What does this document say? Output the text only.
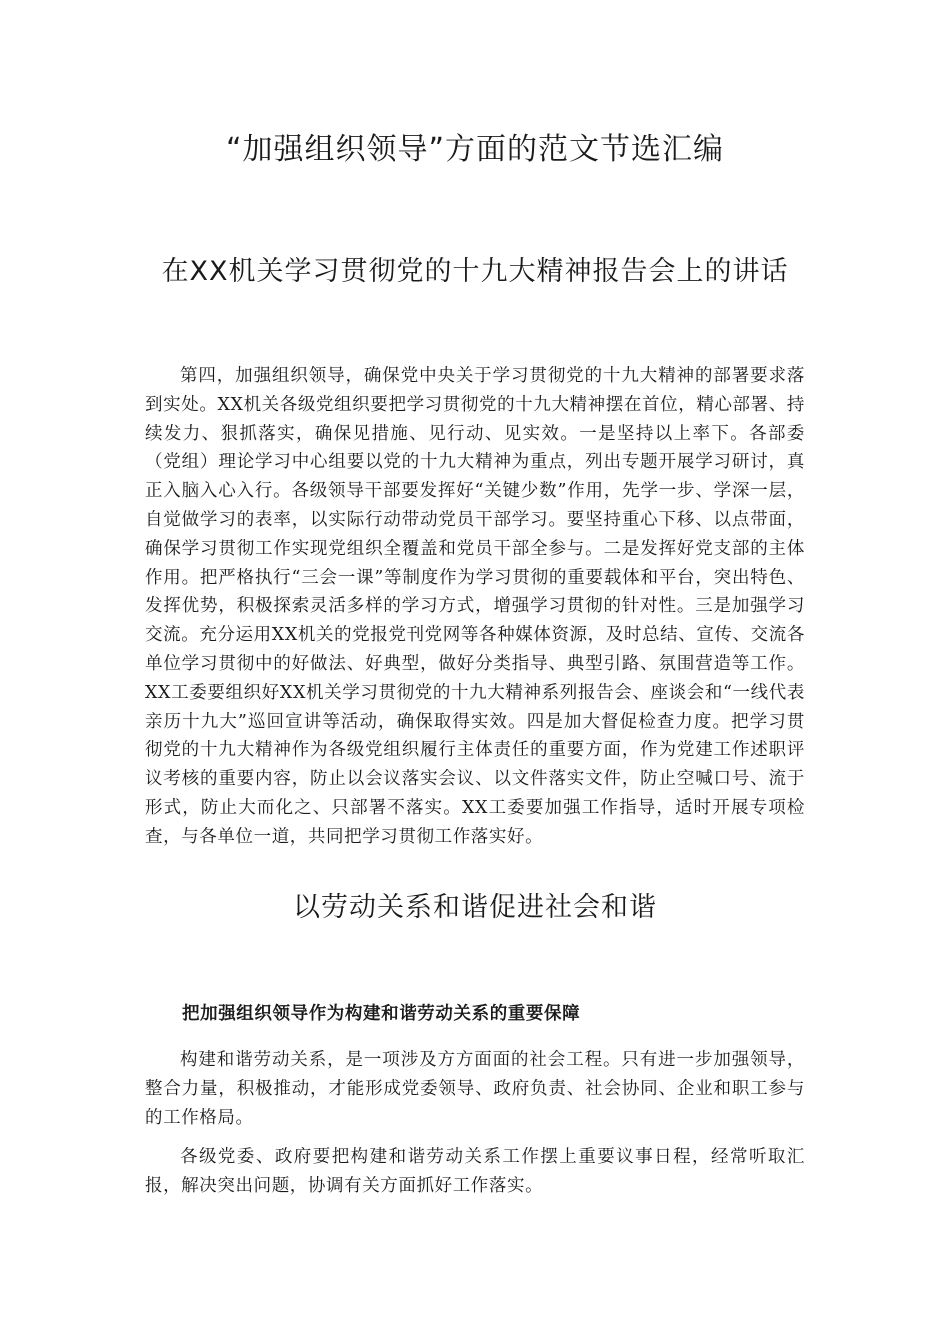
“加强组织领导”方面的范文节选汇编
在XX机关学习贯彻党的十九大精神报告会上的讲话

第四，加强组织领导，确保党中央关于学习贯彻党的十九大精神的部署要求落到实处。XX机关各级党组织要把学习贯彻党的十九大精神摆在首位，精心部署、持续发力、狠抓落实，确保见措施、见行动、见实效。一是坚持以上率下。各部委（党组）理论学习中心组要以党的十九大精神为重点，列出专题开展学习研讨，真正入脑入心入行。各级领导干部要发挥好“关键少数”作用，先学一步、学深一层，自觉做学习的表率，以实际行动带动党员干部学习。要坚持重心下移、以点带面，确保学习贯彻工作实现党组织全覆盖和党员干部全参与。二是发挥好党支部的主体作用。把严格执行“三会一课”等制度作为学习贯彻的重要载体和平台，突出特色、发挥优势，积极探索灵活多样的学习方式，增强学习贯彻的针对性。三是加强学习交流。充分运用XX机关的党报党刊党网等各种媒体资源，及时总结、宣传、交流各单位学习贯彻中的好做法、好典型，做好分类指导、典型引路、氛围营造等工作。XX工委要组织好XX机关学习贯彻党的十九大精神系列报告会、座谈会和“一线代表亲历十九大”巡回宣讲等活动，确保取得实效。四是加大督促检查力度。把学习贯彻党的十九大精神作为各级党组织履行主体责任的重要方面，作为党建工作述职评议考核的重要内容，防止以会议落实会议、以文件落实文件，防止空喊口号、流于形式，防止大而化之、只部署不落实。XX工委要加强工作指导，适时开展专项检查，与各单位一道，共同把学习贯彻工作落实好。

以劳动关系和谐促进社会和谐

把加强组织领导作为构建和谐劳动关系的重要保障

构建和谐劳动关系，是一项涉及方方面面的社会工程。只有进一步加强领导，整合力量，积极推动，才能形成党委领导、政府负责、社会协同、企业和职工参与的工作格局。

各级党委、政府要把构建和谐劳动关系工作摆上重要议事日程，经常听取汇报，解决突出问题，协调有关方面抓好工作落实。
